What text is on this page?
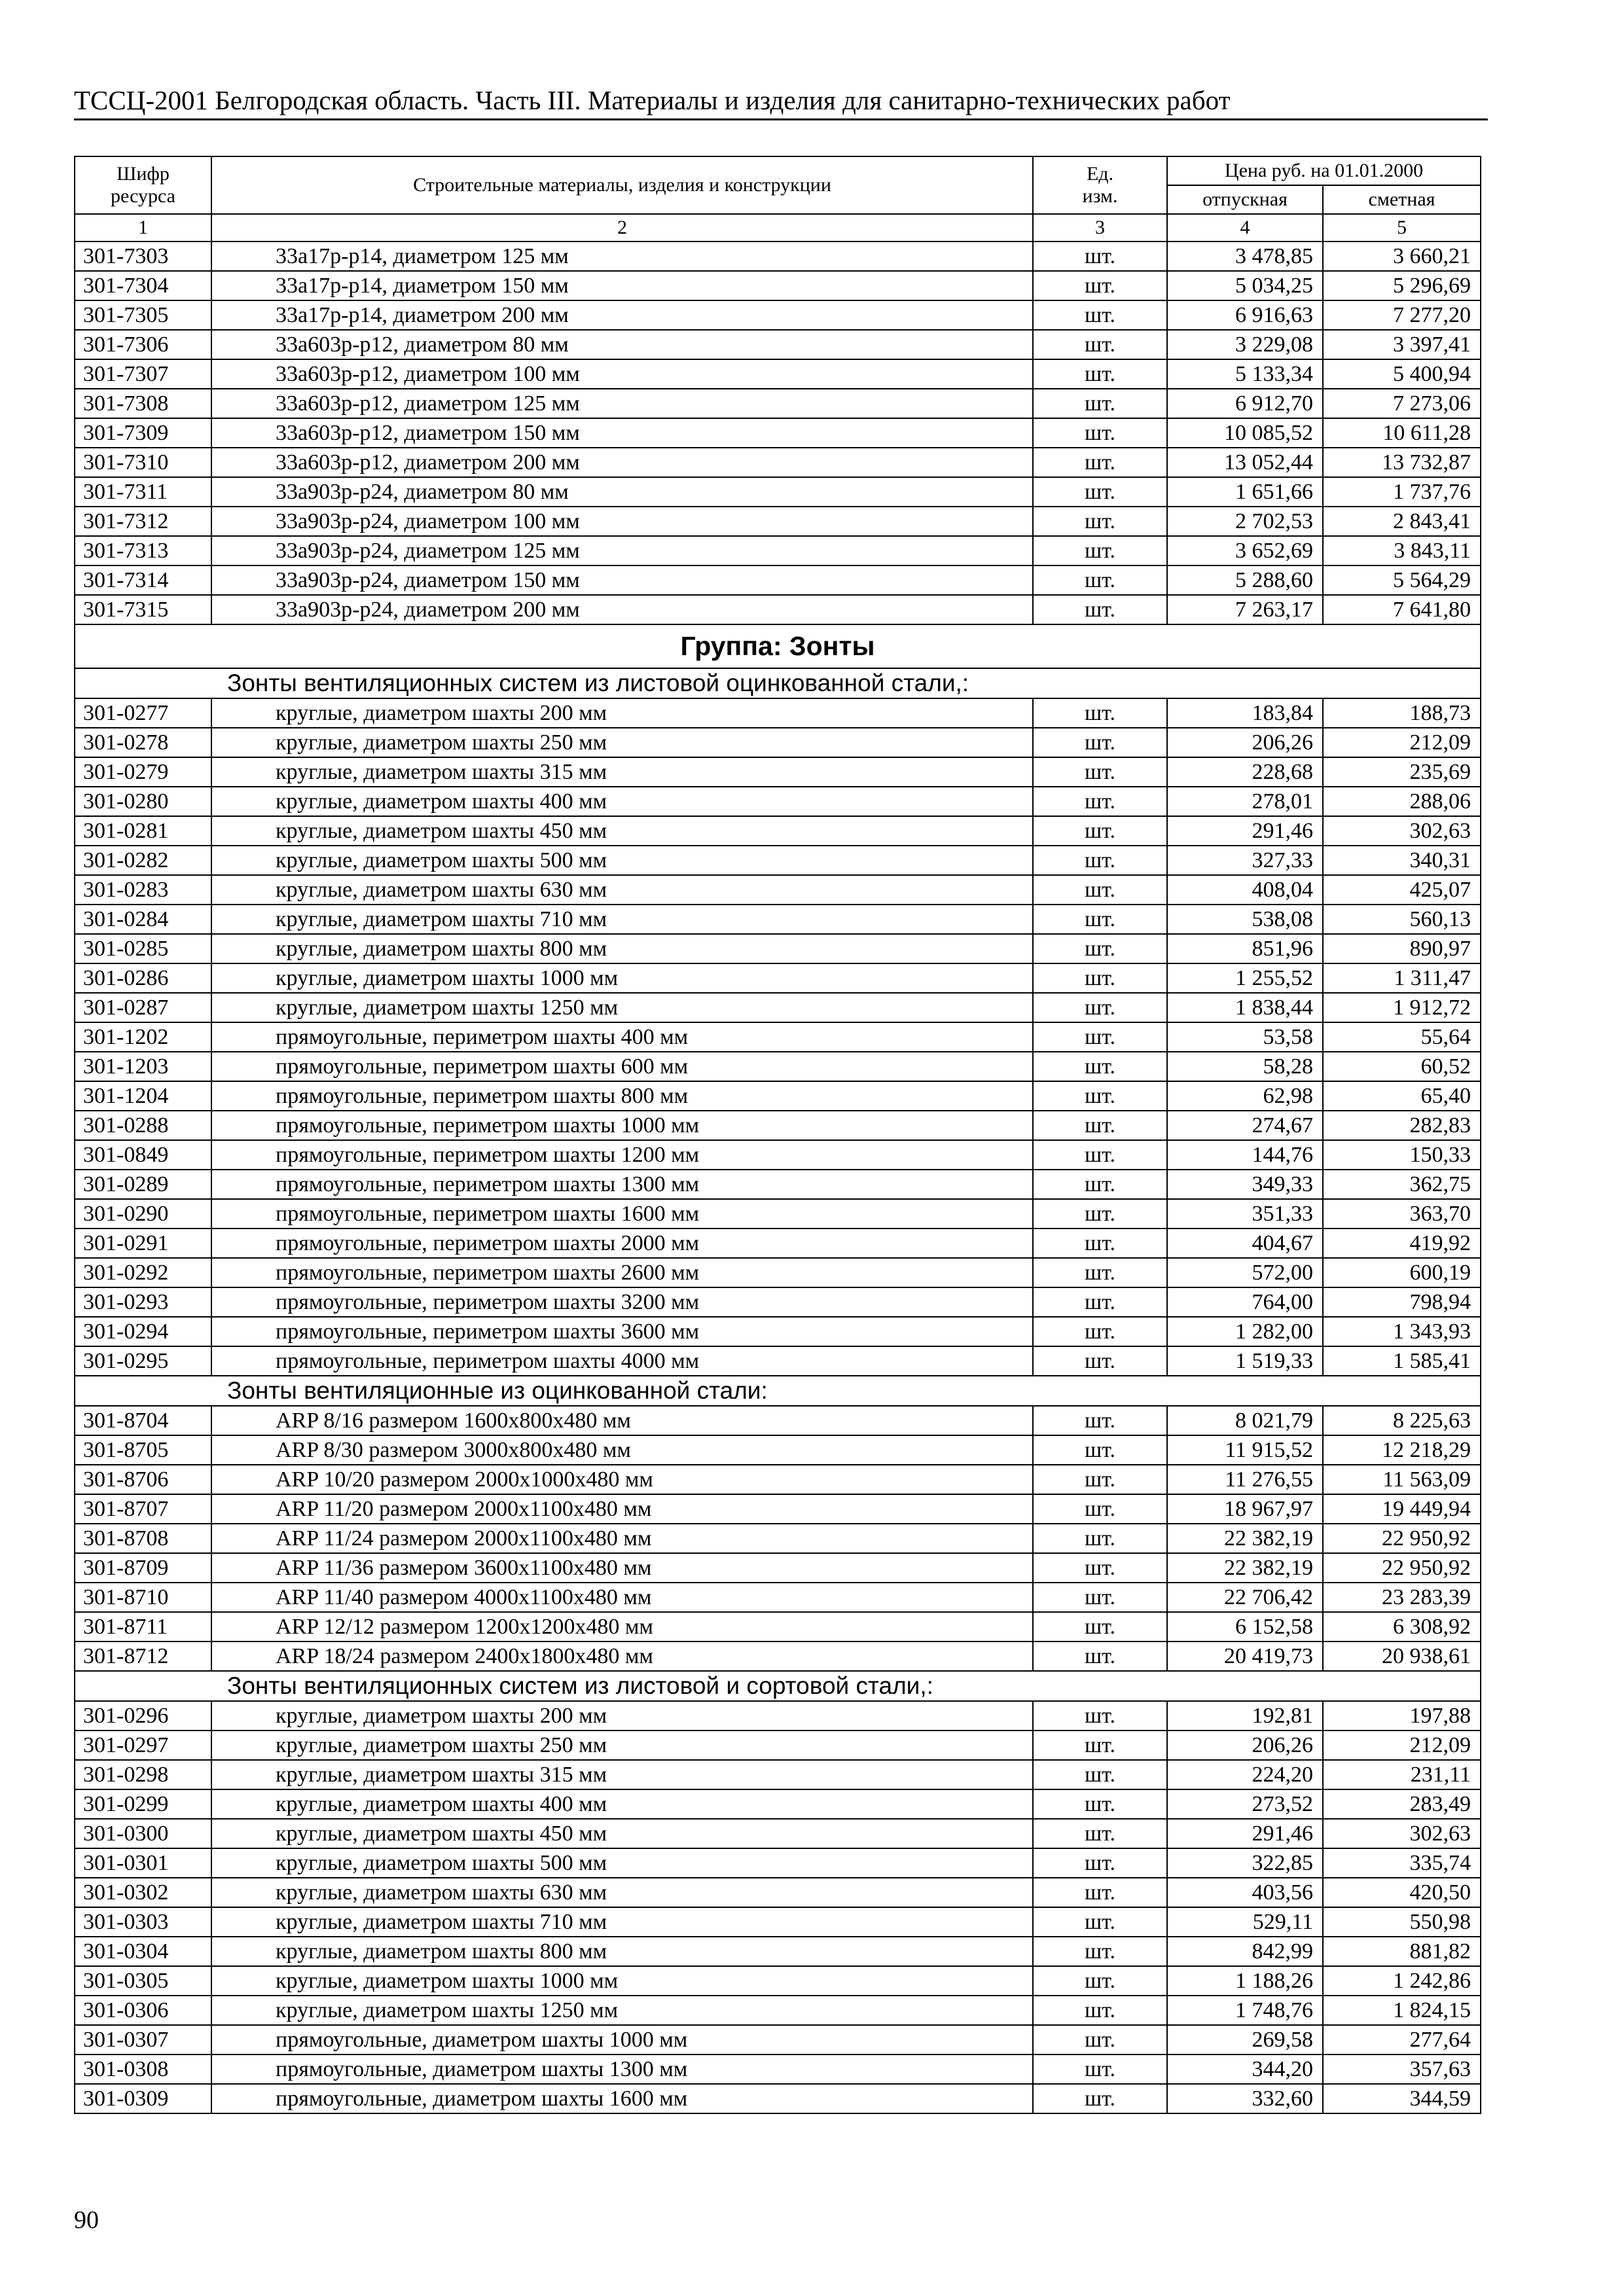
ТССЦ-2001 Белгородская область. Часть III. Материалы и изделия для санитарно-технических работ
Шифр ресурса	Строительные материалы, изделия и конструкции	Ед. изм.	Цена руб. на 01.01.2000	
			отпускная	сметная
1	2	3	4	5
301-7303	33а17р-р14, диаметром 125 мм	шт.	3 478,85	3 660,21
301-7304	33а17р-р14, диаметром 150 мм	шт.	5 034,25	5 296,69
301-7305	33а17р-р14, диаметром 200 мм	шт.	6 916,63	7 277,20
301-7306	33а603р-р12, диаметром 80 мм	шт.	3 229,08	3 397,41
301-7307	33а603р-р12, диаметром 100 мм	шт.	5 133,34	5 400,94
301-7308	33а603р-р12, диаметром 125 мм	шт.	6 912,70	7 273,06
301-7309	33а603р-р12, диаметром 150 мм	шт.	10 085,52	10 611,28
301-7310	33а603р-р12, диаметром 200 мм	шт.	13 052,44	13 732,87
301-7311	33а903р-р24, диаметром 80 мм	шт.	1 651,66	1 737,76
301-7312	33а903р-р24, диаметром 100 мм	шт.	2 702,53	2 843,41
301-7313	33а903р-р24, диаметром 125 мм	шт.	3 652,69	3 843,11
301-7314	33а903р-р24, диаметром 150 мм	шт.	5 288,60	5 564,29
301-7315	33а903р-р24, диаметром 200 мм	шт.	7 263,17	7 641,80
Группа: Зонты				
Зонты вентиляционных систем из листовой оцинкованной стали,:				
301-0277	круглые, диаметром шахты 200 мм	шт.	183,84	188,73
301-0278	круглые, диаметром шахты 250 мм	шт.	206,26	212,09
301-0279	круглые, диаметром шахты 315 мм	шт.	228,68	235,69
301-0280	круглые, диаметром шахты 400 мм	шт.	278,01	288,06
301-0281	круглые, диаметром шахты 450 мм	шт.	291,46	302,63
301-0282	круглые, диаметром шахты 500 мм	шт.	327,33	340,31
301-0283	круглые, диаметром шахты 630 мм	шт.	408,04	425,07
301-0284	круглые, диаметром шахты 710 мм	шт.	538,08	560,13
301-0285	круглые, диаметром шахты 800 мм	шт.	851,96	890,97
301-0286	круглые, диаметром шахты 1000 мм	шт.	1 255,52	1 311,47
301-0287	круглые, диаметром шахты 1250 мм	шт.	1 838,44	1 912,72
301-1202	прямоугольные, периметром шахты 400 мм	шт.	53,58	55,64
301-1203	прямоугольные, периметром шахты 600 мм	шт.	58,28	60,52
301-1204	прямоугольные, периметром шахты 800 мм	шт.	62,98	65,40
301-0288	прямоугольные, периметром шахты 1000 мм	шт.	274,67	282,83
301-0849	прямоугольные, периметром шахты 1200 мм	шт.	144,76	150,33
301-0289	прямоугольные, периметром шахты 1300 мм	шт.	349,33	362,75
301-0290	прямоугольные, периметром шахты 1600 мм	шт.	351,33	363,70
301-0291	прямоугольные, периметром шахты 2000 мм	шт.	404,67	419,92
301-0292	прямоугольные, периметром шахты 2600 мм	шт.	572,00	600,19
301-0293	прямоугольные, периметром шахты 3200 мм	шт.	764,00	798,94
301-0294	прямоугольные, периметром шахты 3600 мм	шт.	1 282,00	1 343,93
301-0295	прямоугольные, периметром шахты 4000 мм	шт.	1 519,33	1 585,41
Зонты вентиляционные из оцинкованной стали:				
301-8704	ARP 8/16 размером 1600х800х480 мм	шт.	8 021,79	8 225,63
301-8705	ARP 8/30 размером 3000х800х480 мм	шт.	11 915,52	12 218,29
301-8706	ARP 10/20 размером 2000х1000х480 мм	шт.	11 276,55	11 563,09
301-8707	ARP 11/20 размером 2000х1100х480 мм	шт.	18 967,97	19 449,94
301-8708	ARP 11/24 размером 2000х1100х480 мм	шт.	22 382,19	22 950,92
301-8709	ARP 11/36 размером 3600х1100х480 мм	шт.	22 382,19	22 950,92
301-8710	ARP 11/40 размером 4000х1100х480 мм	шт.	22 706,42	23 283,39
301-8711	ARP 12/12 размером 1200х1200х480 мм	шт.	6 152,58	6 308,92
301-8712	ARP 18/24 размером 2400х1800х480 мм	шт.	20 419,73	20 938,61
Зонты вентиляционных систем из листовой и сортовой стали,:				
301-0296	круглые, диаметром шахты 200 мм	шт.	192,81	197,88
301-0297	круглые, диаметром шахты 250 мм	шт.	206,26	212,09
301-0298	круглые, диаметром шахты 315 мм	шт.	224,20	231,11
301-0299	круглые, диаметром шахты 400 мм	шт.	273,52	283,49
301-0300	круглые, диаметром шахты 450 мм	шт.	291,46	302,63
301-0301	круглые, диаметром шахты 500 мм	шт.	322,85	335,74
301-0302	круглые, диаметром шахты 630 мм	шт.	403,56	420,50
301-0303	круглые, диаметром шахты 710 мм	шт.	529,11	550,98
301-0304	круглые, диаметром шахты 800 мм	шт.	842,99	881,82
301-0305	круглые, диаметром шахты 1000 мм	шт.	1 188,26	1 242,86
301-0306	круглые, диаметром шахты 1250 мм	шт.	1 748,76	1 824,15
301-0307	прямоугольные, диаметром шахты 1000 мм	шт.	269,58	277,64
301-0308	прямоугольные, диаметром шахты 1300 мм	шт.	344,20	357,63
301-0309	прямоугольные, диаметром шахты 1600 мм	шт.	332,60	344,59
90
